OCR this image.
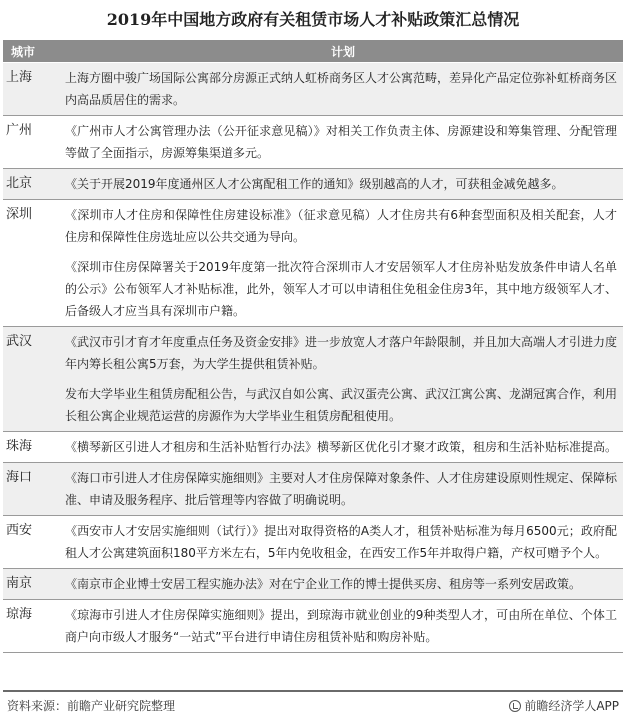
2019年中国地方政府有关租赁市场人才补贴政策汇总情况
城市	计划
上海	上海方圈中骏广场国际公寓部分房源正式纳人虹桥商务区人才公寓范畴，差异化产品定位弥补虹桥商务区内高品质居住的需求。

广州	《广州市人才公寓管理办法（公开征求意见稿）》对相关工作负责主体、房源建设和筹集管理、分配管理等做了全面指示，房源筹集渠道多元。

北京	《关于开展2019年度通州区人才公寓配租工作的通知》级别越高的人才，可获租金减免越多。

深圳	《深圳市人才住房和保障性住房建设标准》（征求意见稿）人才住房共有6种套型面积及相关配套，人才住房和保障性住房选址应以公共交通为导向。
《深圳市住房保障署关于2019年度第一批次符合深圳市人才安居领军人才住房补贴发放条件申请人名单的公示》公布领军人才补贴标准，此外，领军人才可以申请租住免租金住房3年，其中地方级领军人才、后备级人才应当具有深圳市户籍。

武汉	《武汉市引才育才年度重点任务及资金安排》进一步放宽人才落户年龄限制，并且加大高端人才引进力度年内筹长租公寓5万套，为大学生提供租赁补贴。
发布大学毕业生租赁房配租公告，与武汉自如公寓、武汉蛋壳公寓、武汉江寓公寓、龙湖冠寓合作，利用长租公寓企业规范运营的房源作为大学毕业生租赁房配租使用。

珠海	《横琴新区引进人才租房和生活补贴暂行办法》横琴新区优化引才聚才政策，租房和生活补贴标准提高。

海口	《海口市引进人才住房保障实施细则》主要对人才住房保障对象条件、人才住房建设原则性规定、保障标准、申请及服务程序、批后管理等内容做了明确说明。

西安	《西安市人才安居实施细则（试行）》提出对取得资格的A类人才，租赁补贴标准为每月6500元；政府配租人才公寓建筑面积180平方米左右，5年内免收租金，在西安工作5年并取得户籍，产权可赠予个人。

南京	《南京市企业博士安居工程实施办法》对在宁企业工作的博士提供买房、租房等一系列安居政策。

琼海	《琼海市引进人才住房保障实施细则》提出，到琼海市就业创业的9种类型人才，可由所在单位、个体工商户向市级人才服务“一站式”平台进行申请住房租赁补贴和购房补贴。
资料来源：前瞻产业研究院整理	前瞻经济学人APP
